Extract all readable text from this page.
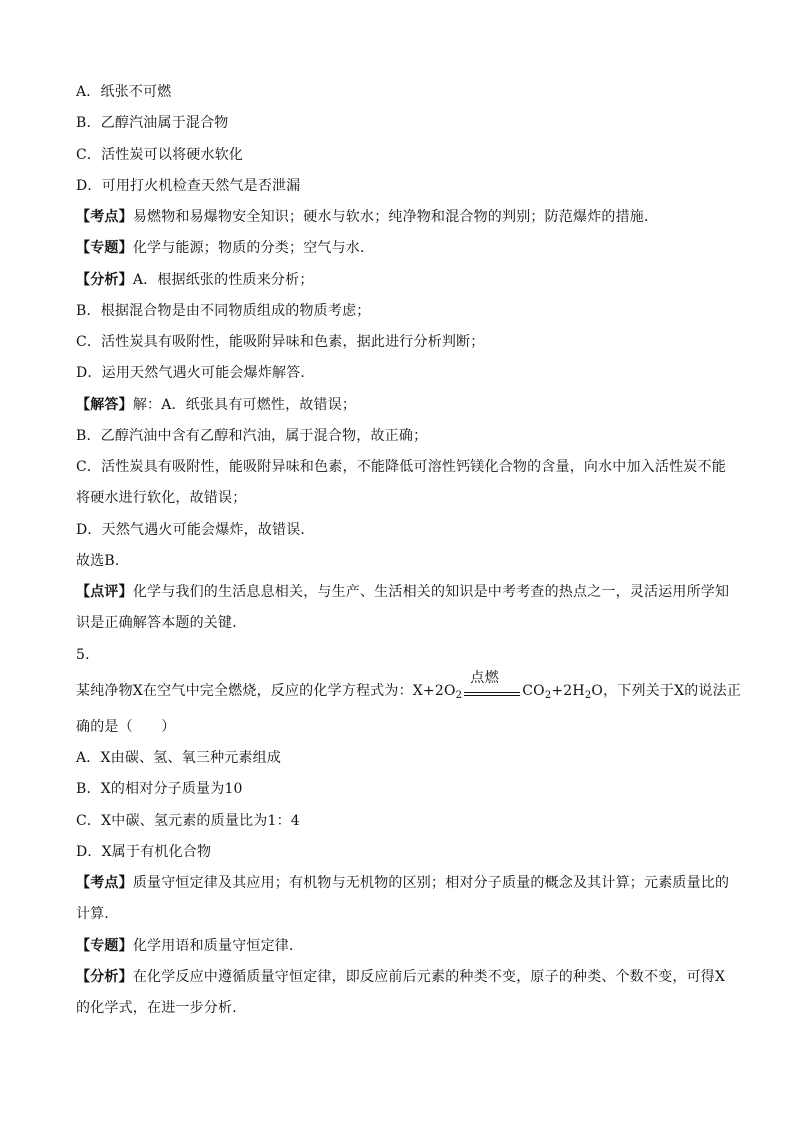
A．纸张不可燃
B．乙醇汽油属于混合物
C．活性炭可以将硬水软化
D．可用打火机检查天然气是否泄漏
【考点】易燃物和易爆物安全知识；硬水与软水；纯净物和混合物的判别；防范爆炸的措施．
【专题】化学与能源；物质的分类；空气与水．
【分析】A．根据纸张的性质来分析；
B．根据混合物是由不同物质组成的物质考虑；
C．活性炭具有吸附性，能吸附异味和色素，据此进行分析判断；
D．运用天然气遇火可能会爆炸解答．
【解答】解：A．纸张具有可燃性，故错误；
B．乙醇汽油中含有乙醇和汽油，属于混合物，故正确；
C．活性炭具有吸附性，能吸附异味和色素，不能降低可溶性钙镁化合物的含量，向水中加入活性炭不能
将硬水进行软化，故错误；
D．天然气遇火可能会爆炸，故错误．
故选B．
【点评】化学与我们的生活息息相关，与生产、生活相关的知识是中考考查的热点之一，灵活运用所学知
识是正确解答本题的关键．
5.
某纯净物X在空气中完全燃烧，反应的化学方程式为：$X+2O_2$
点燃
$CO_2+2H_2O$，下列关于X的说法正
确的是（　　）
A．X由碳、氢、氧三种元素组成
B．X的相对分子质量为10
C．X中碳、氢元素的质量比为1：4
D．X属于有机化合物
【考点】质量守恒定律及其应用；有机物与无机物的区别；相对分子质量的概念及其计算；元素质量比的
计算．
【专题】化学用语和质量守恒定律．
【分析】在化学反应中遵循质量守恒定律，即反应前后元素的种类不变，原子的种类、个数不变，可得X
的化学式，在进一步分析．
